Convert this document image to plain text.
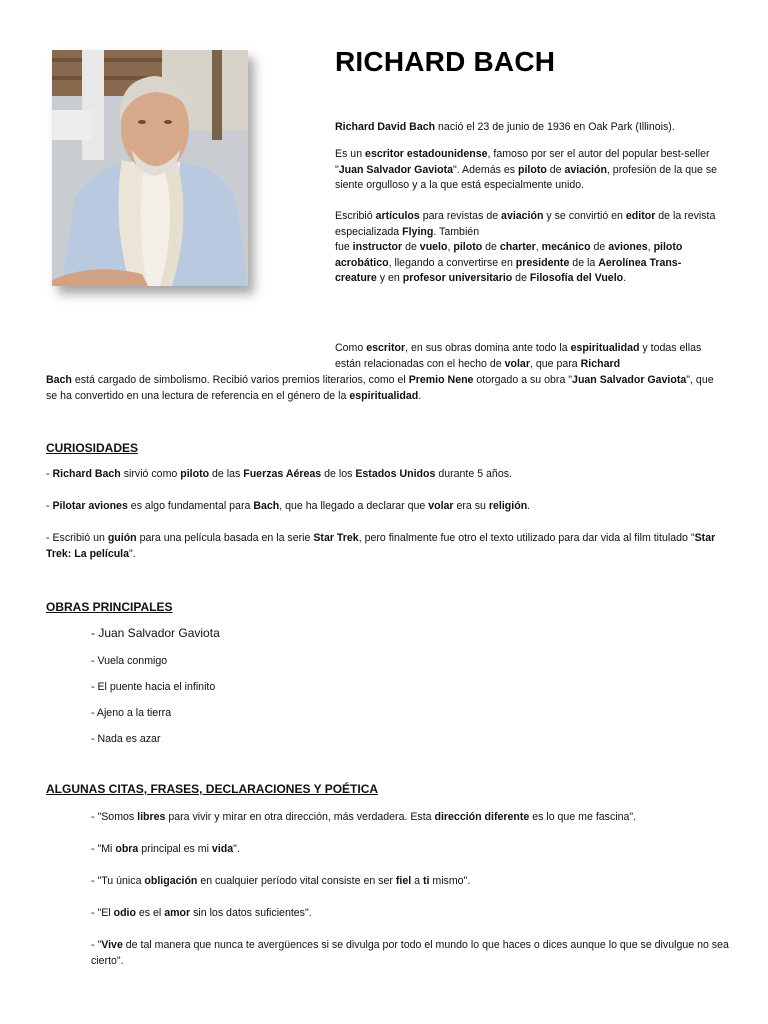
RICHARD BACH

Richard David Bach nació el 23 de junio de 1936 en Oak Park (Illinois).

Es un escritor estadounidense, famoso por ser el autor del popular best-seller "Juan Salvador Gaviota". Además es piloto de aviación, profesión de la que se siente orgulloso y a la que está especialmente unido.

Escribió artículos para revistas de aviación y se convirtió en editor de la revista especializada Flying. También
fue instructor de vuelo, piloto de charter, mecánico de aviones, piloto acrobático, llegando a convertirse en presidente de la Aerolínea Trans-creature y en profesor universitario de Filosofía del Vuelo.

Como escritor, en sus obras domina ante todo la espiritualidad y todas ellas están relacionadas con el hecho de volar, que para Richard

Bach está cargado de simbolismo. Recibió varios premios literarios, como el Premio Nene otorgado a su obra "Juan Salvador Gaviota", que se ha convertido en una lectura de referencia en el género de la espiritualidad.

CURIOSIDADES

- Richard Bach sirvió como piloto de las Fuerzas Aéreas de los Estados Unidos durante 5 años.

- Pilotar aviones es algo fundamental para Bach, que ha llegado a declarar que volar era su religión.

- Escribió un guión para una película basada en la serie Star Trek, pero finalmente fue otro el texto utilizado para dar vida al film titulado "Star Trek: La película".

OBRAS PRINCIPALES

- Juan Salvador Gaviota

- Vuela conmigo

- El puente hacia el infinito

- Ajeno a la tierra

- Nada es azar

ALGUNAS CITAS, FRASES, DECLARACIONES Y POÉTICA

- "Somos libres para vivir y mirar en otra dirección, más verdadera. Esta dirección diferente es lo que me fascina".

- "Mi obra principal es mi vida".

- "Tu única obligación en cualquier período vital consiste en ser fiel a ti mismo".

- "El odio es el amor sin los datos suficientes".

- "Vive de tal manera que nunca te avergüences si se divulga por todo el mundo lo que haces o dices aunque lo que se divulgue no sea cierto".
